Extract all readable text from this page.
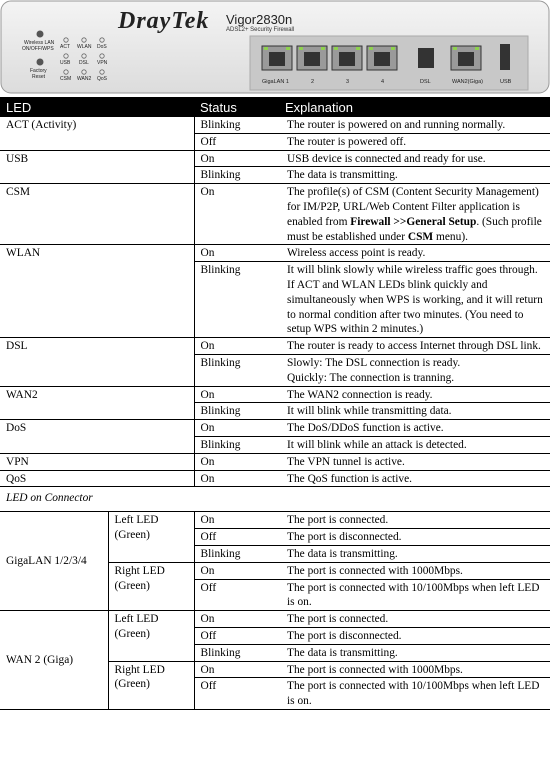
DrayTek Vigor2830n
ADSL2+ Security Firewall
Wireless LAN
ON/OFF/WPS
Factory
Reset
ACT WLAN DoS
USB DSL VPN
CSM WAN2 QoS	GigaLAN 1	2	3	4	DSL	WAN2(Giga)	USB
LED		Status	Explanation
ACT (Activity)		Blinking	The router is powered on and running normally.
		Off	The router is powered off.
USB		On	USB device is connected and ready for use.
		Blinking	The data is transmitting.
CSM		On	The profile(s) of CSM (Content Security Management) for IM/P2P, URL/Web Content Filter application is enabled from Firewall >>General Setup. (Such profile must be established under CSM menu).
WLAN		On	Wireless access point is ready.
		Blinking	It will blink slowly while wireless traffic goes through.
If ACT and WLAN LEDs blink quickly and simultaneously when WPS is working, and it will return to normal condition after two minutes. (You need to setup WPS within 2 minutes.)

DSL		On	The router is ready to access Internet through DSL link.
		Blinking	Slowly: The DSL connection is ready.
Quickly: The connection is tranning.

WAN2		On	The WAN2 connection is ready.
		Blinking	It will blink while transmitting data.
DoS		On	The DoS/DDoS function is active.
		Blinking	It will blink while an attack is detected.
VPN		On	The VPN tunnel is active.
QoS		On	The QoS function is active.
LED on Connector			
GigaLAN 1/2/3/4	Left LED (Green)	On	The port is connected.
		Off	The port is disconnected.
		Blinking	The data is transmitting.
	Right LED (Green)	On	The port is connected with 1000Mbps.
		Off	The port is connected with 10/100Mbps when left LED is on.
WAN 2 (Giga)	Left LED (Green)	On	The port is connected.
		Off	The port is disconnected.
		Blinking	The data is transmitting.
	Right LED (Green)	On	The port is connected with 1000Mbps.
		Off	The port is connected with 10/100Mbps when left LED is on.
